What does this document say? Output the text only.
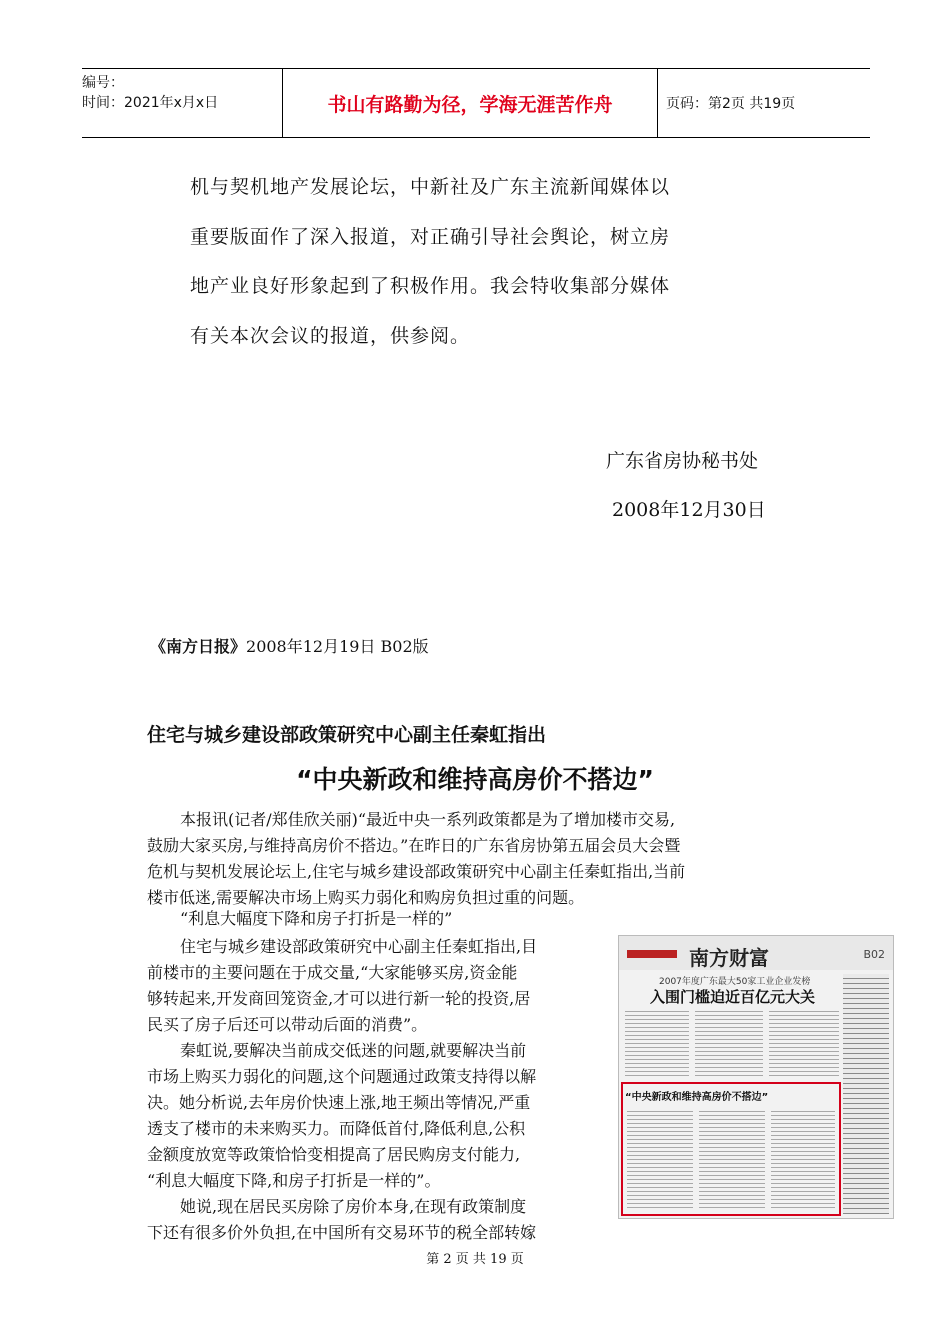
编号：
时间：2021年x月x日	书山有路勤为径，学海无涯苦作舟	页码：第2页 共19页
机与契机地产发展论坛，中新社及广东主流新闻媒体以
重要版面作了深入报道，对正确引导社会舆论，树立房
地产业良好形象起到了积极作用。我会特收集部分媒体
有关本次会议的报道，供参阅。
广东省房协秘书处
2008年12月30日
《南方日报》2008年12月19日 B02版
住宅与城乡建设部政策研究中心副主任秦虹指出
“中央新政和维持高房价不搭边”
本报讯(记者/郑佳欣关丽)“最近中央一系列政策都是为了增加楼市交易,
鼓励大家买房,与维持高房价不搭边。”在昨日的广东省房协第五届会员大会暨
危机与契机发展论坛上,住宅与城乡建设部政策研究中心副主任秦虹指出,当前
楼市低迷,需要解决市场上购买力弱化和购房负担过重的问题。
“利息大幅度下降和房子打折是一样的”
住宅与城乡建设部政策研究中心副主任秦虹指出,目
前楼市的主要问题在于成交量,“大家能够买房,资金能
够转起来,开发商回笼资金,才可以进行新一轮的投资,居
民买了房子后还可以带动后面的消费”。
秦虹说,要解决当前成交低迷的问题,就要解决当前
市场上购买力弱化的问题,这个问题通过政策支持得以解
决。她分析说,去年房价快速上涨,地王频出等情况,严重
透支了楼市的未来购买力。而降低首付,降低利息,公积
金额度放宽等政策恰恰变相提高了居民购房支付能力,
“利息大幅度下降,和房子打折是一样的”。
她说,现在居民买房除了房价本身,在现有政策制度
下还有很多价外负担,在中国所有交易环节的税全部转嫁
南方财富	B02
2007年度广东最大50家工业企业发榜
入围门槛迫近百亿元大关
“中央新政和维持高房价不搭边”
第 2 页 共 19 页
